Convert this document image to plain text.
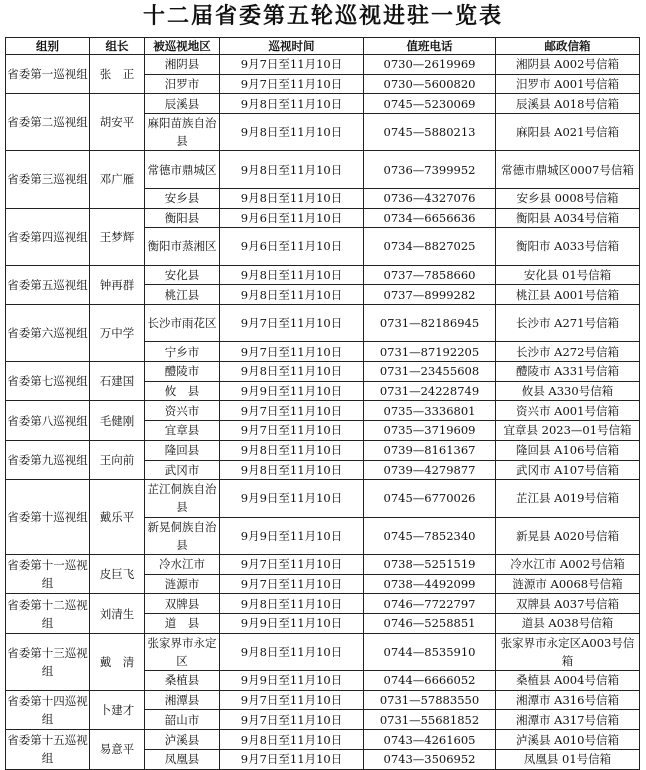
十二届省委第五轮巡视进驻一览表
组别	组长	被巡视地区	巡视时间	值班电话	邮政信箱
省委第一巡视组	张　正	湘阴县	9月7日至11月10日	0730—2619969	湘阴县 A002号信箱
		汨罗市	9月7日至11月10日	0730—5600820	汨罗市 A001号信箱
省委第二巡视组	胡安平	辰溪县	9月8日至11月10日	0745—5230069	辰溪县 A018号信箱
		麻阳苗族自治县	9月8日至11月10日	0745—5880213	麻阳县 A021号信箱
省委第三巡视组	邓广雁	常德市鼎城区	9月8日至11月10日	0736—7399952	常德市鼎城区0007号信箱
		安乡县	9月8日至11月10日	0736—4327076	安乡县 0008号信箱
省委第四巡视组	王梦辉	衡阳县	9月6日至11月10日	0734—6656636	衡阳县 A034号信箱
		衡阳市蒸湘区	9月6日至11月10日	0734—8827025	衡阳市 A033号信箱
省委第五巡视组	钟再群	安化县	9月8日至11月10日	0737—7858660	安化县 01号信箱
		桃江县	9月8日至11月10日	0737—8999282	桃江县 A001号信箱
省委第六巡视组	万中学	长沙市雨花区	9月7日至11月10日	0731—82186945	长沙市 A271号信箱
		宁乡市	9月7日至11月10日	0731—87192205	长沙市 A272号信箱
省委第七巡视组	石建国	醴陵市	9月8日至11月10日	0731—23455608	醴陵市 A331号信箱
		攸　县	9月9日至11月10日	0731—24228749	攸县 A330号信箱
省委第八巡视组	毛健刚	资兴市	9月7日至11月10日	0735—3336801	资兴市 A001号信箱
		宜章县	9月7日至11月10日	0735—3719609	宜章县 2023—01号信箱
省委第九巡视组	王向前	隆回县	9月8日至11月10日	0739—8161367	隆回县 A106号信箱
		武冈市	9月8日至11月10日	0739—4279877	武冈市 A107号信箱
省委第十巡视组	戴乐平	芷江侗族自治县	9月9日至11月10日	0745—6770026	芷江县 A019号信箱
		新晃侗族自治县	9月9日至11月10日	0745—7852340	新晃县 A020号信箱
省委第十一巡视组	皮巨飞	冷水江市	9月7日至11月10日	0738—5251519	冷水江市 A002号信箱
		涟源市	9月7日至11月10日	0738—4492099	涟源市 A0068号信箱
省委第十二巡视组	刘清生	双牌县	9月8日至11月10日	0746—7722797	双牌县 A037号信箱
		道　县	9月9日至11月10日	0746—5258851	道县 A038号信箱
省委第十三巡视组	戴　清	张家界市永定区	9月8日至11月10日	0744—8535910	张家界市永定区A003号信箱
		桑植县	9月9日至11月10日	0744—6666052	桑植县 A004号信箱
省委第十四巡视组	卜建才	湘潭县	9月7日至11月10日	0731—57883550	湘潭市 A316号信箱
		韶山市	9月7日至11月10日	0731—55681852	湘潭市 A317号信箱
省委第十五巡视组	易意平	泸溪县	9月8日至11月10日	0743—4261605	泸溪县 A010号信箱
		凤凰县	9月7日至11月10日	0743—3506952	凤凰县 01号信箱
